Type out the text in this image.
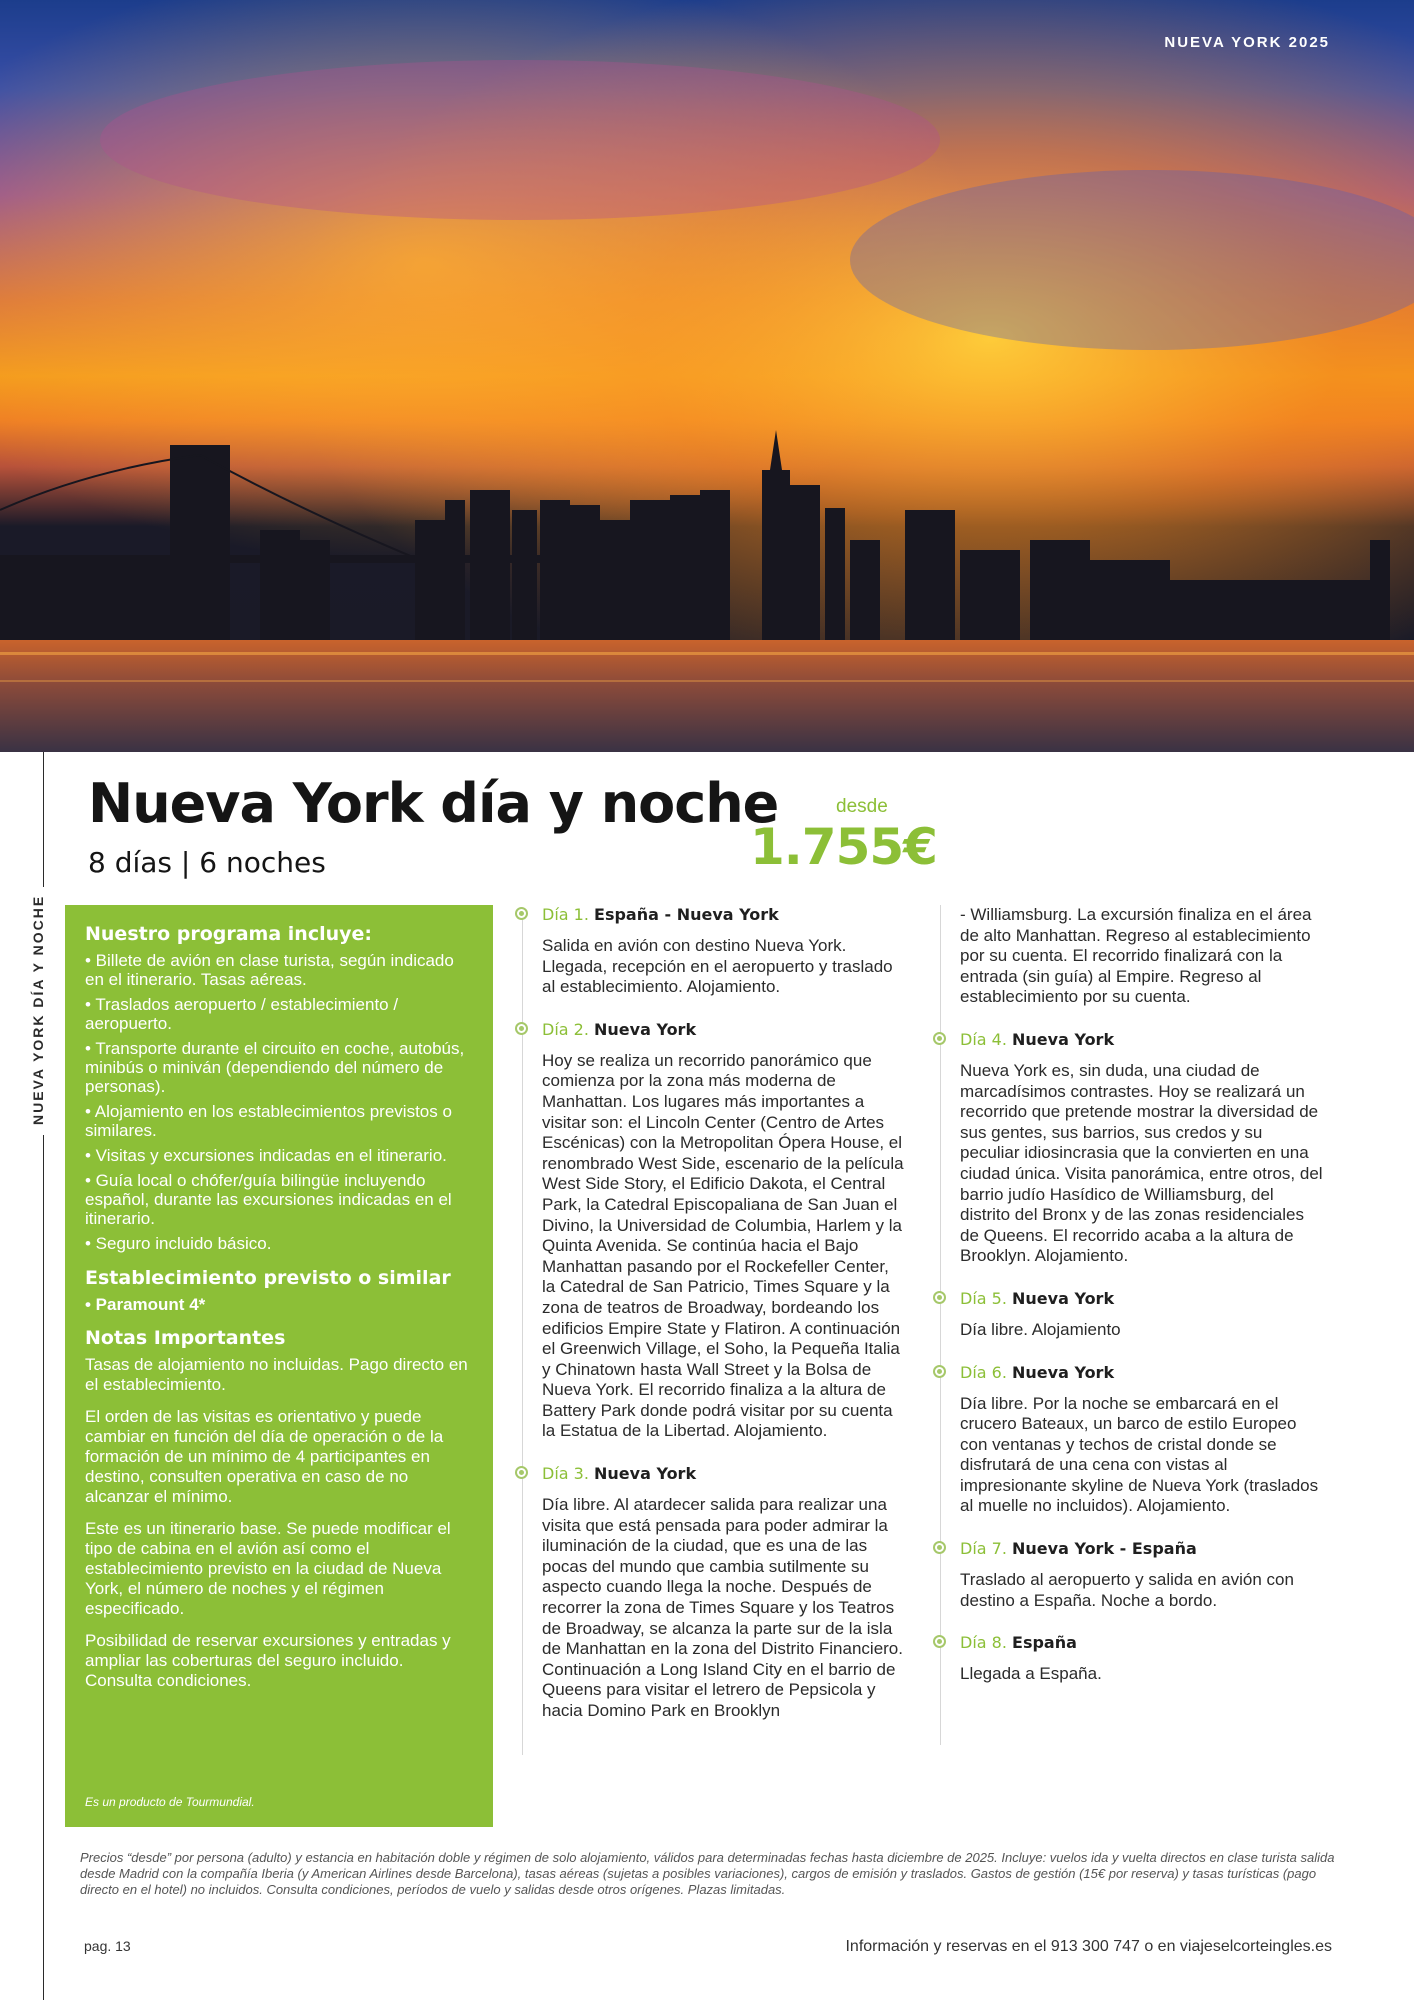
NUEVA YORK 2025
NUEVA YORK DÍA Y NOCHE
Nueva York día y noche
8 días | 6 noches
desde
1.755€
Nuestro programa incluye:
• Billete de avión en clase turista, según indicado en el itinerario. Tasas aéreas.
• Traslados aeropuerto / establecimiento / aeropuerto.
• Transporte durante el circuito en coche, autobús, minibús o miniván (dependiendo del número de personas).
• Alojamiento en los establecimientos previstos o similares.
• Visitas y excursiones indicadas en el itinerario.
• Guía local o chófer/guía bilingüe incluyendo español, durante las excursiones indicadas en el itinerario.
• Seguro incluido básico.
Establecimiento previsto o similar
• Paramount 4*
Notas Importantes

Tasas de alojamiento no incluidas. Pago directo en el establecimiento.

El orden de las visitas es orientativo y puede cambiar en función del día de operación o de la formación de un mínimo de 4 participantes en destino, consulten operativa en caso de no alcanzar el mínimo.

Este es un itinerario base. Se puede modificar el tipo de cabina en el avión así como el establecimiento previsto en la ciudad de Nueva York, el número de noches y el régimen especificado.

Posibilidad de reservar excursiones y entradas y ampliar las coberturas del seguro incluido. Consulta condiciones.

Es un producto de Tourmundial.
Día 1. España - Nueva York
Salida en avión con destino Nueva York. Llegada, recepción en el aeropuerto y traslado al establecimiento. Alojamiento.
Día 2. Nueva York
Hoy se realiza un recorrido panorámico que comienza por la zona más moderna de Manhattan. Los lugares más importantes a visitar son: el Lincoln Center (Centro de Artes Escénicas) con la Metropolitan Ópera House, el renombrado West Side, escenario de la película West Side Story, el Edificio Dakota, el Central Park, la Catedral Episcopaliana de San Juan el Divino, la Universidad de Columbia, Harlem y la Quinta Avenida. Se continúa hacia el Bajo Manhattan pasando por el Rockefeller Center, la Catedral de San Patricio, Times Square y la zona de teatros de Broadway, bordeando los edificios Empire State y Flatiron. A continuación el Greenwich Village, el Soho, la Pequeña Italia y Chinatown hasta Wall Street y la Bolsa de Nueva York. El recorrido finaliza a la altura de Battery Park donde podrá visitar por su cuenta la Estatua de la Libertad. Alojamiento.
Día 3. Nueva York
Día libre. Al atardecer salida para realizar una visita que está pensada para poder admirar la iluminación de la ciudad, que es una de las pocas del mundo que cambia sutilmente su aspecto cuando llega la noche. Después de recorrer la zona de Times Square y los Teatros de Broadway, se alcanza la parte sur de la isla de Manhattan en la zona del Distrito Financiero. Continuación a Long Island City en el barrio de Queens para visitar el letrero de Pepsicola y hacia Domino Park en Brooklyn
- Williamsburg. La excursión finaliza en el área de alto Manhattan. Regreso al establecimiento por su cuenta. El recorrido finalizará con la entrada (sin guía) al Empire. Regreso al establecimiento por su cuenta.
Día 4. Nueva York
Nueva York es, sin duda, una ciudad de marcadísimos contrastes. Hoy se realizará un recorrido que pretende mostrar la diversidad de sus gentes, sus barrios, sus credos y su peculiar idiosincrasia que la convierten en una ciudad única. Visita panorámica, entre otros, del barrio judío Hasídico de Williamsburg, del distrito del Bronx y de las zonas residenciales de Queens. El recorrido acaba a la altura de Brooklyn. Alojamiento.
Día 5. Nueva York
Día libre. Alojamiento
Día 6. Nueva York
Día libre. Por la noche se embarcará en el crucero Bateaux, un barco de estilo Europeo con ventanas y techos de cristal donde se disfrutará de una cena con vistas al impresionante skyline de Nueva York (traslados al muelle no incluidos). Alojamiento.
Día 7. Nueva York - España
Traslado al aeropuerto y salida en avión con destino a España. Noche a bordo.
Día 8. España
Llegada a España.
Precios “desde” por persona (adulto) y estancia en habitación doble y régimen de solo alojamiento, válidos para determinadas fechas hasta diciembre de 2025. Incluye: vuelos ida y vuelta directos en clase turista salida desde Madrid con la compañía Iberia (y American Airlines desde Barcelona), tasas aéreas (sujetas a posibles variaciones), cargos de emisión y traslados. Gastos de gestión (15€ por reserva) y tasas turísticas (pago directo en el hotel) no incluidos. Consulta condiciones, períodos de vuelo y salidas desde otros orígenes. Plazas limitadas.
pag. 13	Información y reservas en el 913 300 747 o en viajeselcorteingles.es
